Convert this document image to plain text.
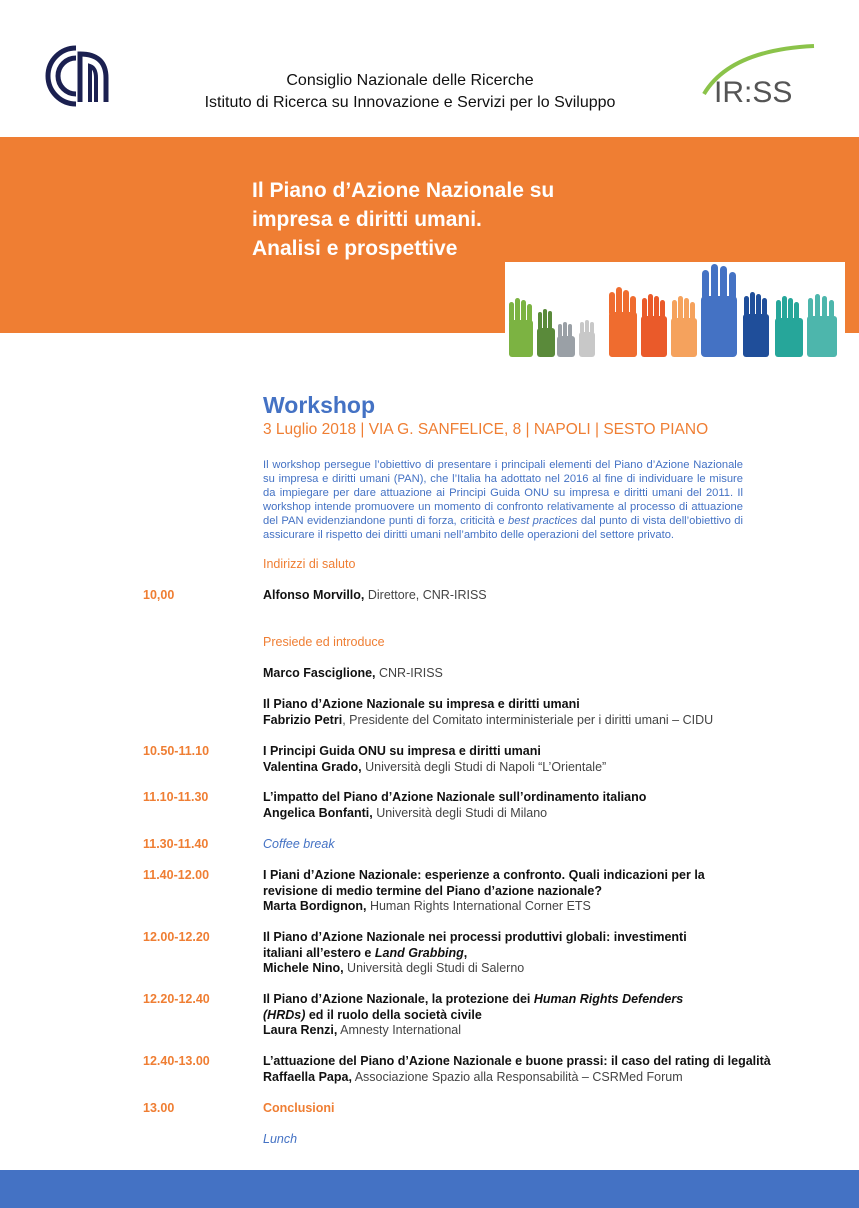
Consiglio Nazionale delle Ricerche
Istituto di Ricerca su Innovazione e Servizi per lo Sviluppo	IR:SS
Il Piano d’Azione Nazionale su
impresa e diritti umani.
Analisi e prospettive
Workshop

3 Luglio 2018 | VIA G. SANFELICE, 8 | NAPOLI | SESTO PIANO

Il workshop persegue l’obiettivo di presentare i principali elementi del Piano d’Azione Nazionale su impresa e diritti umani (PAN), che l’Italia ha adottato nel 2016 al fine di individuare le misure da impiegare per dare attuazione ai Principi Guida ONU su impresa e diritti umani del 2011. Il workshop intende promuovere un momento di confronto relativamente al processo di attuazione del PAN evidenziandone punti di forza, criticità e best practices dal punto di vista dell’obiettivo di assicurare il rispetto dei diritti umani nell’ambito delle operazioni del settore privato.

Indirizzi di saluto
10,00	Alfonso Morvillo, Direttore, CNR-IRISS
Presiede ed introduce
Marco Fasciglione, CNR-IRISS
Il Piano d’Azione Nazionale su impresa e diritti umani
Fabrizio Petri, Presidente del Comitato interministeriale per i diritti umani – CIDU
10.50-11.10	I Principi Guida ONU su impresa e diritti umani
Valentina Grado, Università degli Studi di Napoli “L’Orientale”
11.10-11.30	L’impatto del Piano d’Azione Nazionale sull’ordinamento italiano
Angelica Bonfanti, Università degli Studi di Milano
11.30-11.40	Coffee break
11.40-12.00	I Piani d’Azione Nazionale: esperienze a confronto. Quali indicazioni per la
revisione di medio termine del Piano d’azione nazionale?
Marta Bordignon, Human Rights International Corner ETS
12.00-12.20	Il Piano d’Azione Nazionale nei processi produttivi globali: investimenti
italiani all’estero e Land Grabbing,
Michele Nino, Università degli Studi di Salerno
12.20-12.40	Il Piano d’Azione Nazionale, la protezione dei Human Rights Defenders
(HRDs) ed il ruolo della società civile
Laura Renzi, Amnesty International
12.40-13.00	L’attuazione del Piano d’Azione Nazionale e buone prassi: il caso del rating di legalità
Raffaella Papa, Associazione Spazio alla Responsabilità – CSRMed Forum
13.00	Conclusioni
Lunch
